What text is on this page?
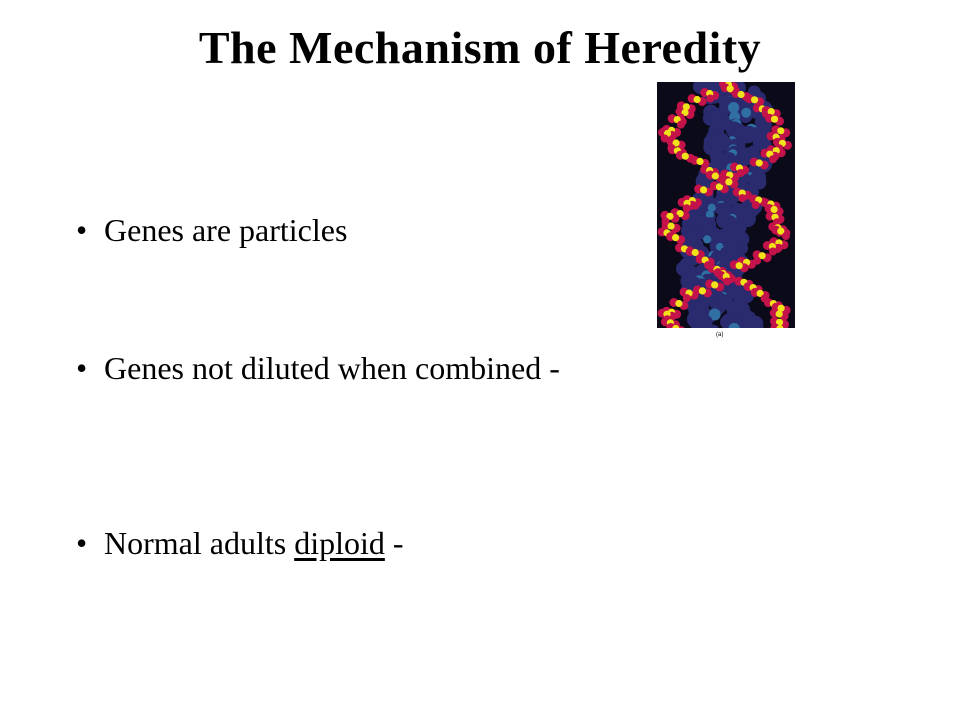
The Mechanism of Heredity
• Genes are particles
• Genes not diluted when combined -
• Normal adults diploid -
(a)
